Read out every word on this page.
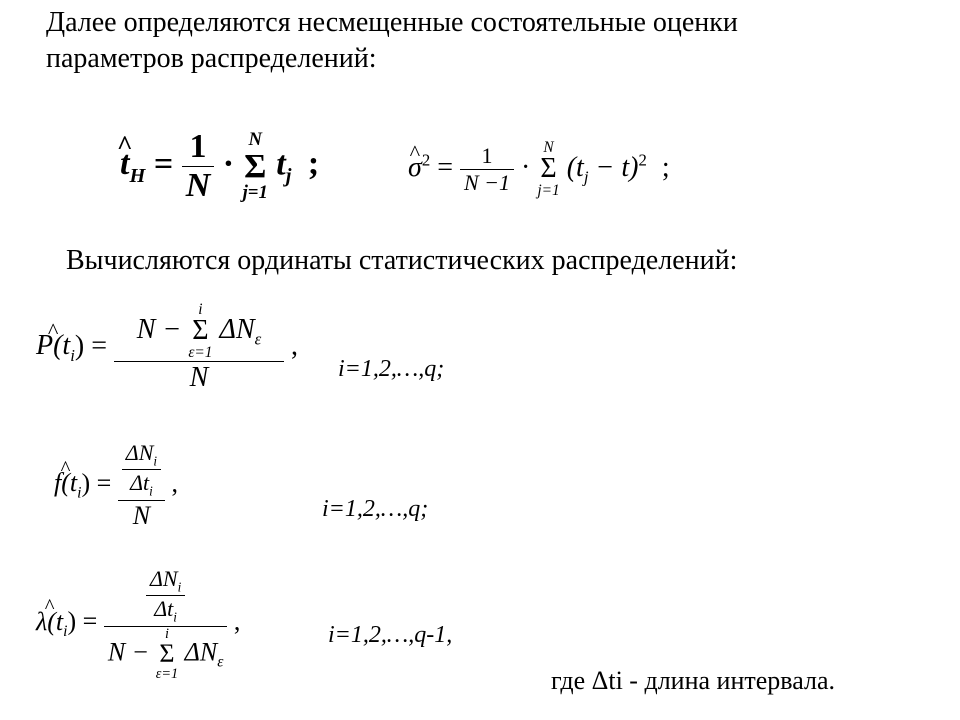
Далее определяются несмещенные состоятельные оценки
параметров распределений:
^ $t_H = \frac{1}{N}$ ·
N
Σ
j=1
$t_j$ ;
^	$\sigma^2 = \frac{1}{N -1}$ ·
N
Σ
j=1
$(t_j - t)^2$ ;
Вычисляются ординаты статистических распределений:
^ $P(t_i) = N$ −
i
Σ
ε=1
$\Delta N_\varepsilon$
N ,
i=1,2,…,q;
^ $f(t_i) = \frac{\frac{\Delta N_i}{\Delta t_i}}{N}$ ,
i=1,2,…,q;
^ $\lambda(t_i) = \frac{\Delta N_i}{\Delta t_i}$
N −
i
Σ
ε=1
$\Delta N_\varepsilon$ ,	i=1,2,…,q-1,
где Δti - длина интервала.
